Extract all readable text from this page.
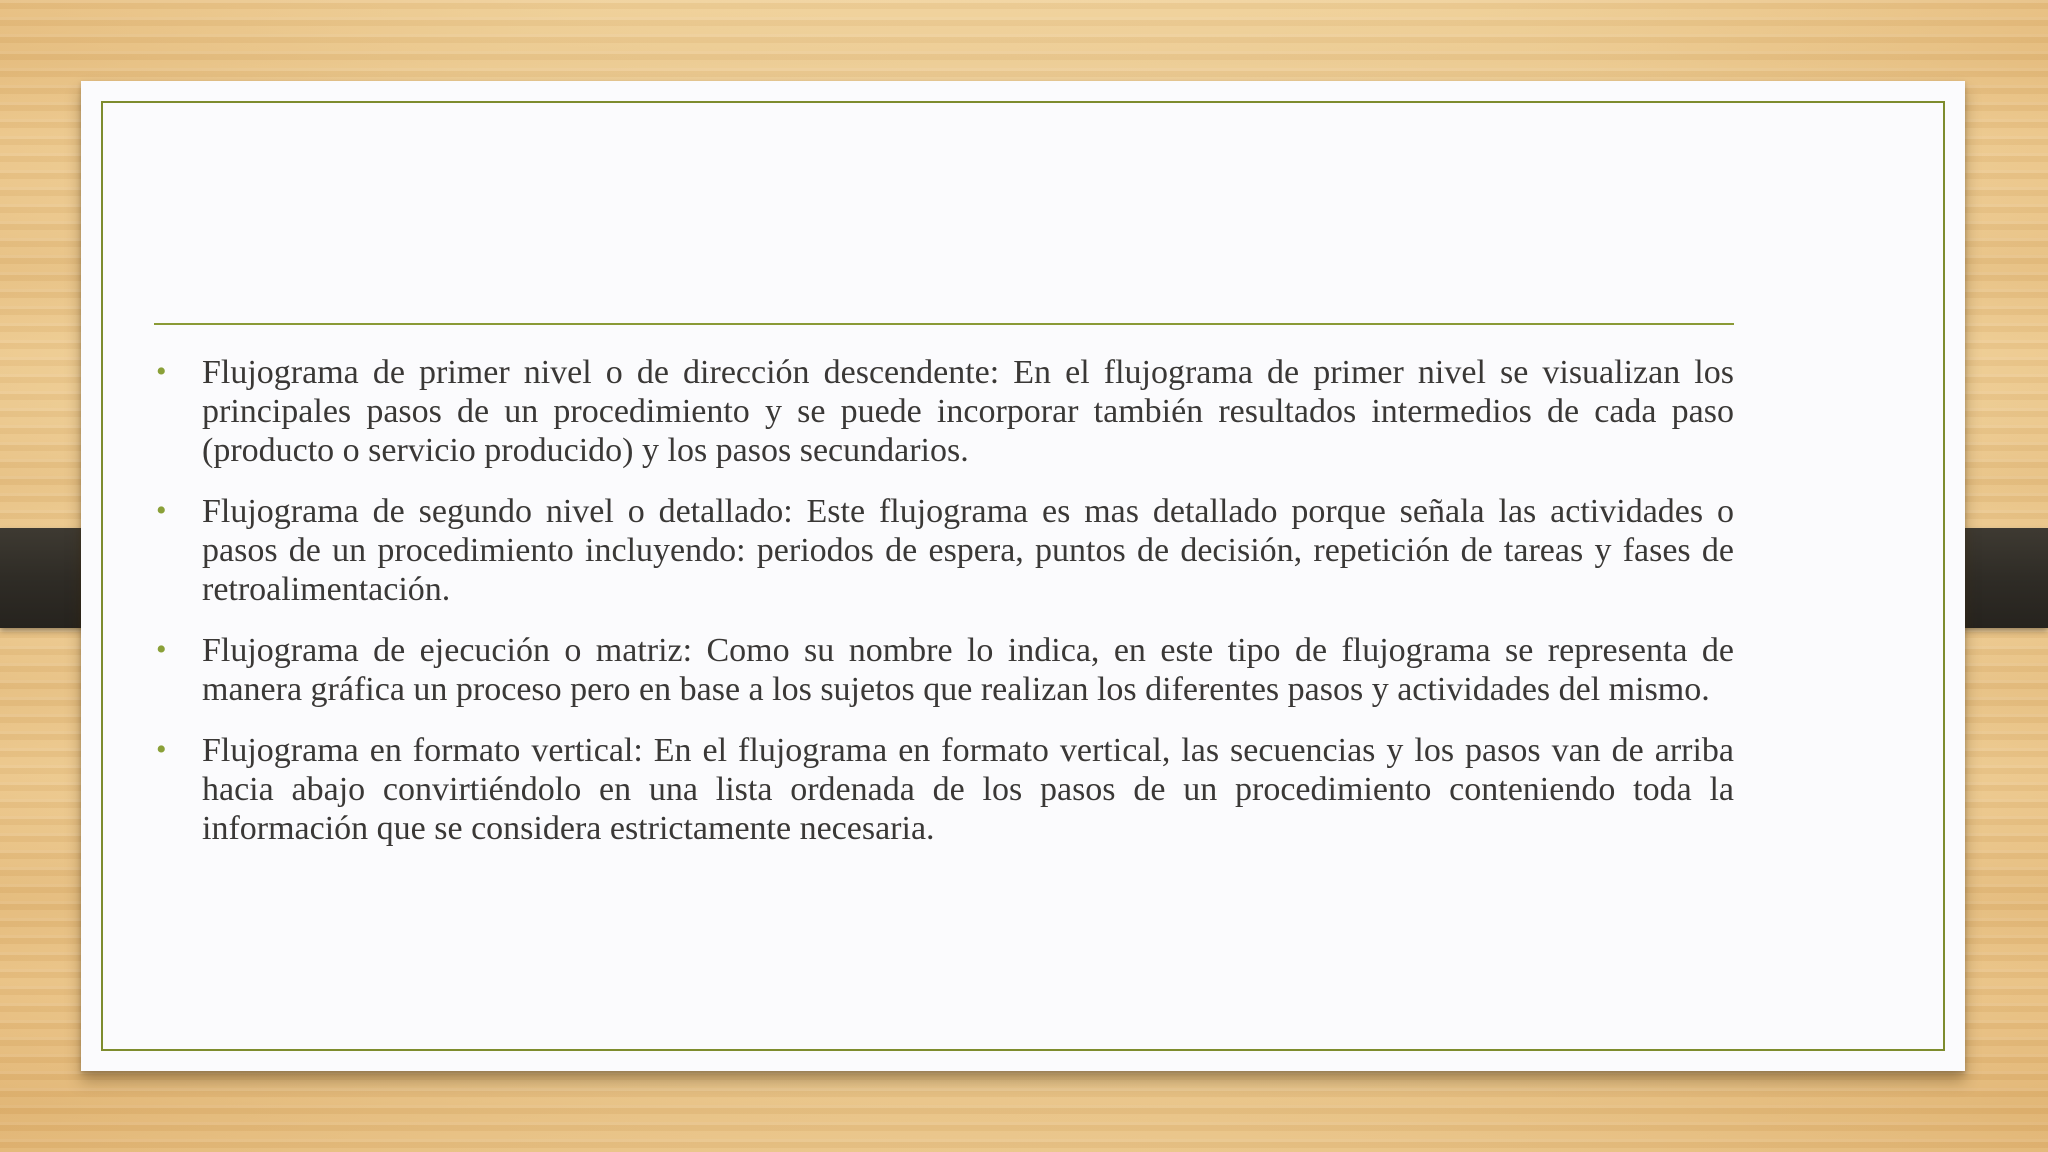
• Flujograma de primer nivel o de dirección descendente: En el flujograma de primer nivel se visualizan los principales pasos de un procedimiento y se puede incorporar también resultados intermedios de cada paso (producto o servicio producido) y los pasos secundarios.
• Flujograma de segundo nivel o detallado: Este flujograma es mas detallado porque señala las actividades o pasos de un procedimiento incluyendo: periodos de espera, puntos de decisión, repetición de tareas y fases de retroalimentación.
• Flujograma de ejecución o matriz: Como su nombre lo indica, en este tipo de flujograma se representa de manera gráfica un proceso pero en base a los sujetos que realizan los diferentes pasos y actividades del mismo.
• Flujograma en formato vertical: En el flujograma en formato vertical, las secuencias y los pasos van de arriba hacia abajo convirtiéndolo en una lista ordenada de los pasos de un procedimiento conteniendo toda la información que se considera estrictamente necesaria.
